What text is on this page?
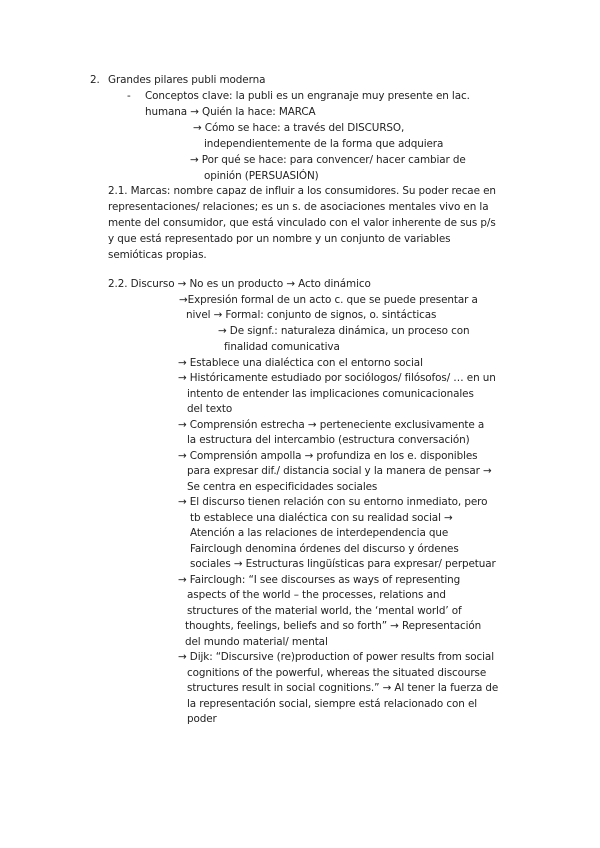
2. Grandes pilares publi moderna
- Conceptos clave: la publi es un engranaje muy presente en lac.
humana → Quién la hace: MARCA
→ Cómo se hace: a través del DISCURSO,
independientemente de la forma que adquiera
→ Por qué se hace: para convencer/ hacer cambiar de
opinión (PERSUASIÓN)
2.1. Marcas: nombre capaz de influir a los consumidores. Su poder recae en
representaciones/ relaciones; es un s. de asociaciones mentales vivo en la
mente del consumidor, que está vinculado con el valor inherente de sus p/s
y que está representado por un nombre y un conjunto de variables
semióticas propias.
2.2. Discurso → No es un producto → Acto dinámico
→Expresión formal de un acto c. que se puede presentar a
nivel → Formal: conjunto de signos, o. sintácticas
→ De signf.: naturaleza dinámica, un proceso con
finalidad comunicativa
→ Establece una dialéctica con el entorno social
→ Históricamente estudiado por sociólogos/ filósofos/ … en un
intento de entender las implicaciones comunicacionales
del texto
→ Comprensión estrecha → perteneciente exclusivamente a
la estructura del intercambio (estructura conversación)
→ Comprensión ampolla → profundiza en los e. disponibles
para expresar dif./ distancia social y la manera de pensar →
Se centra en especificidades sociales
→ El discurso tienen relación con su entorno inmediato, pero
tb establece una dialéctica con su realidad social →
Atención a las relaciones de interdependencia que
Fairclough denomina órdenes del discurso y órdenes
sociales → Estructuras lingüísticas para expresar/ perpetuar
→ Fairclough: “I see discourses as ways of representing
aspects of the world – the processes, relations and
structures of the material world, the ‘mental world’ of
thoughts, feelings, beliefs and so forth” → Representación
del mundo material/ mental
→ Dijk: “Discursive (re)production of power results from social
cognitions of the powerful, whereas the situated discourse
structures result in social cognitions.” → Al tener la fuerza de
la representación social, siempre está relacionado con el
poder
